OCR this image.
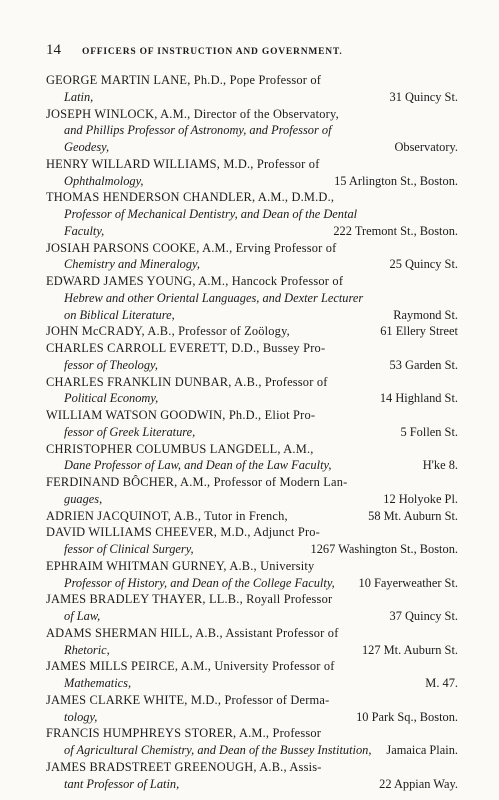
14	OFFICERS OF INSTRUCTION AND GOVERNMENT.
GEORGE MARTIN LANE, Ph.D., Pope Professor of
Latin,	31 Quincy St.
JOSEPH WINLOCK, A.M., Director of the Observatory,
and Phillips Professor of Astronomy, and Professor of
Geodesy,	Observatory.
HENRY WILLARD WILLIAMS, M.D., Professor of
Ophthalmology,	15 Arlington St., Boston.
THOMAS HENDERSON CHANDLER, A.M., D.M.D.,
Professor of Mechanical Dentistry, and Dean of the Dental
Faculty,	222 Tremont St., Boston.
JOSIAH PARSONS COOKE, A.M., Erving Professor of
Chemistry and Mineralogy,	25 Quincy St.
EDWARD JAMES YOUNG, A.M., Hancock Professor of
Hebrew and other Oriental Languages, and Dexter Lecturer
on Biblical Literature,	Raymond St.
JOHN McCRADY, A.B., Professor of Zoölogy,	61 Ellery Street
CHARLES CARROLL EVERETT, D.D., Bussey Pro-
fessor of Theology,	53 Garden St.
CHARLES FRANKLIN DUNBAR, A.B., Professor of
Political Economy,	14 Highland St.
WILLIAM WATSON GOODWIN, Ph.D., Eliot Pro-
fessor of Greek Literature,	5 Follen St.
CHRISTOPHER COLUMBUS LANGDELL, A.M.,
Dane Professor of Law, and Dean of the Law Faculty,	H'ke 8.
FERDINAND BÔCHER, A.M., Professor of Modern Lan-
guages,	12 Holyoke Pl.
ADRIEN JACQUINOT, A.B., Tutor in French,	58 Mt. Auburn St.
DAVID WILLIAMS CHEEVER, M.D., Adjunct Pro-
fessor of Clinical Surgery,	1267 Washington St., Boston.
EPHRAIM WHITMAN GURNEY, A.B., University
Professor of History, and Dean of the College Faculty,	10 Fayerweather St.
JAMES BRADLEY THAYER, LL.B., Royall Professor
of Law,	37 Quincy St.
ADAMS SHERMAN HILL, A.B., Assistant Professor of
Rhetoric,	127 Mt. Auburn St.
JAMES MILLS PEIRCE, A.M., University Professor of
Mathematics,	M. 47.
JAMES CLARKE WHITE, M.D., Professor of Derma-
tology,	10 Park Sq., Boston.
FRANCIS HUMPHREYS STORER, A.M., Professor
of Agricultural Chemistry, and Dean of the Bussey Institution,	Jamaica Plain.
JAMES BRADSTREET GREENOUGH, A.B., Assis-
tant Professor of Latin,	22 Appian Way.
